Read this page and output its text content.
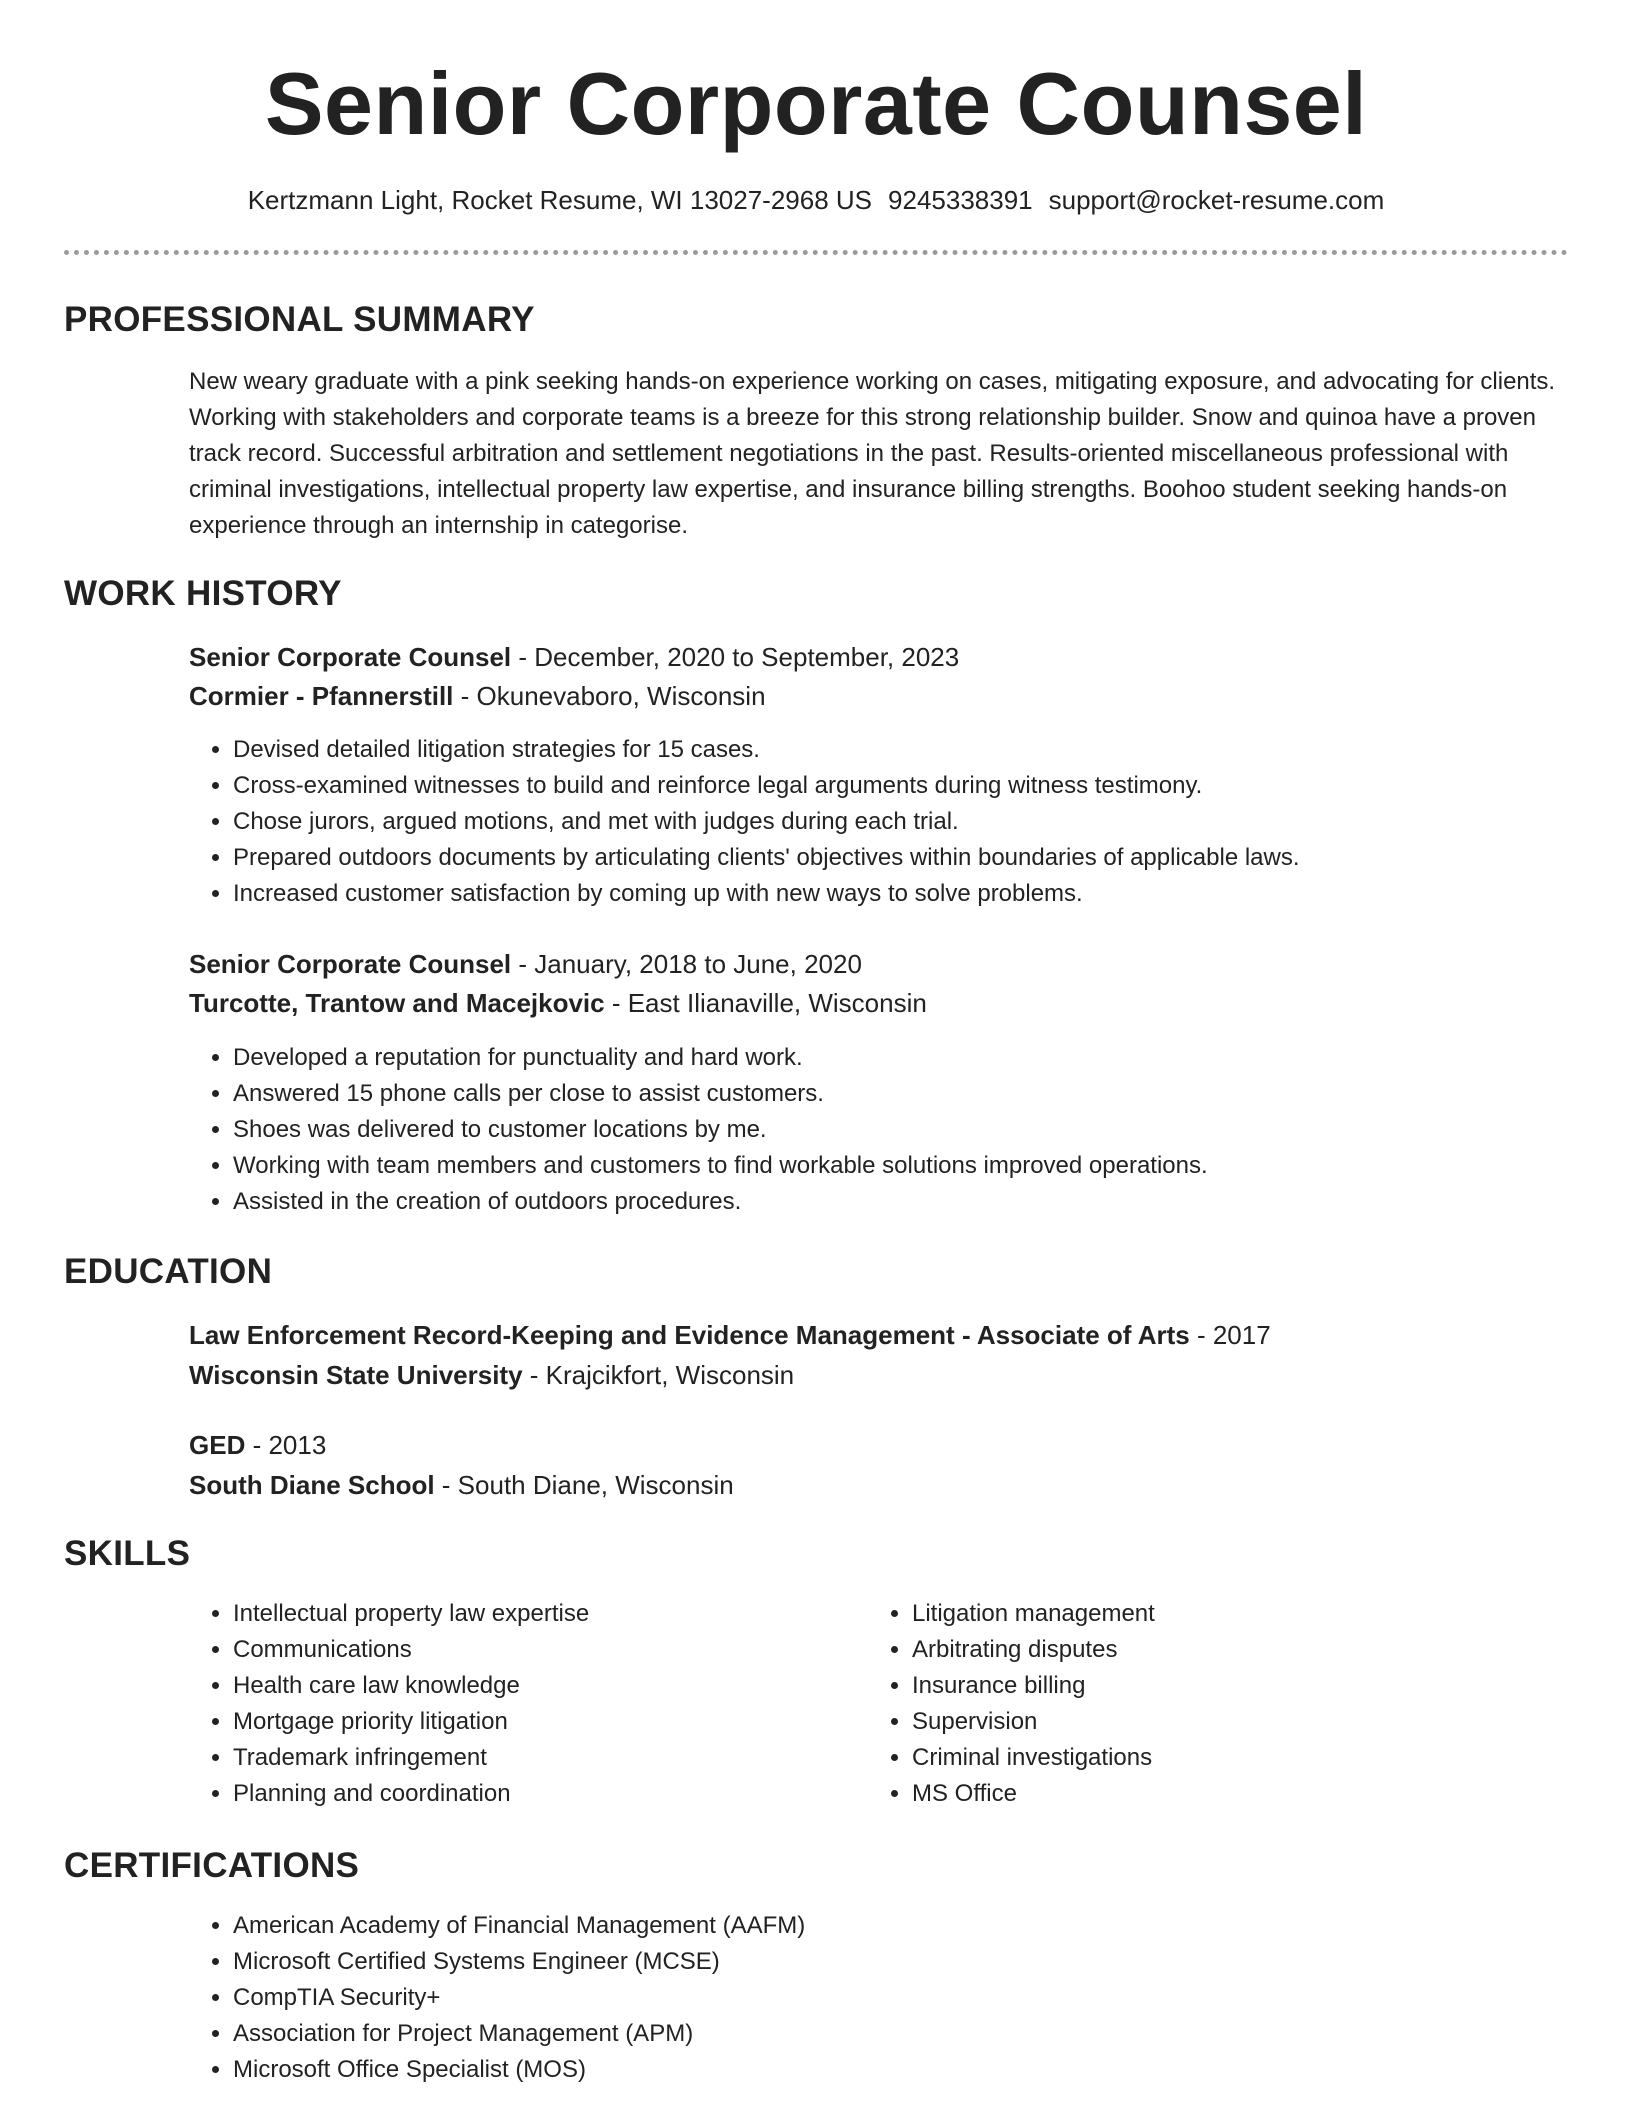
Senior Corporate Counsel
Kertzmann Light, Rocket Resume, WI 13027-2968 US 9245338391 support@rocket-resume.com
PROFESSIONAL SUMMARY
New weary graduate with a pink seeking hands-on experience working on cases, mitigating exposure, and advocating for clients. Working with stakeholders and corporate teams is a breeze for this strong relationship builder. Snow and quinoa have a proven track record. Successful arbitration and settlement negotiations in the past. Results-oriented miscellaneous professional with criminal investigations, intellectual property law expertise, and insurance billing strengths. Boohoo student seeking hands-on experience through an internship in categorise.
WORK HISTORY
Senior Corporate Counsel - December, 2020 to September, 2023
Cormier - Pfannerstill - Okunevaboro, Wisconsin
• Devised detailed litigation strategies for 15 cases.
• Cross-examined witnesses to build and reinforce legal arguments during witness testimony.
• Chose jurors, argued motions, and met with judges during each trial.
• Prepared outdoors documents by articulating clients' objectives within boundaries of applicable laws.
• Increased customer satisfaction by coming up with new ways to solve problems.
Senior Corporate Counsel - January, 2018 to June, 2020
Turcotte, Trantow and Macejkovic - East Ilianaville, Wisconsin
• Developed a reputation for punctuality and hard work.
• Answered 15 phone calls per close to assist customers.
• Shoes was delivered to customer locations by me.
• Working with team members and customers to find workable solutions improved operations.
• Assisted in the creation of outdoors procedures.
EDUCATION
Law Enforcement Record-Keeping and Evidence Management - Associate of Arts - 2017
Wisconsin State University - Krajcikfort, Wisconsin
GED - 2013
South Diane School - South Diane, Wisconsin
SKILLS
• Intellectual property law expertise
• Communications
• Health care law knowledge
• Mortgage priority litigation
• Trademark infringement
• Planning and coordination
• Litigation management
• Arbitrating disputes
• Insurance billing
• Supervision
• Criminal investigations
• MS Office
CERTIFICATIONS
• American Academy of Financial Management (AAFM)
• Microsoft Certified Systems Engineer (MCSE)
• CompTIA Security+
• Association for Project Management (APM)
• Microsoft Office Specialist (MOS)
